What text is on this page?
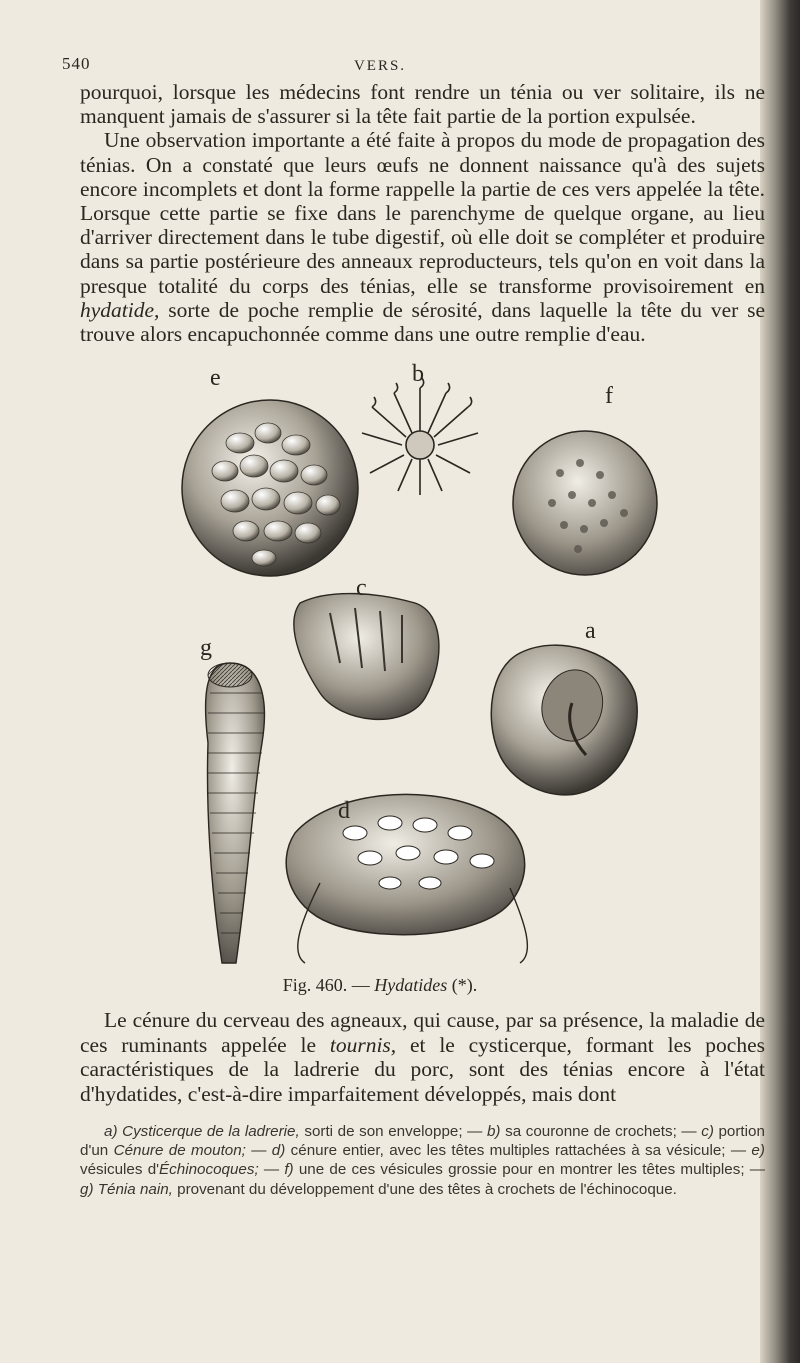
540	VERS.

pourquoi, lorsque les médecins font rendre un ténia ou ver solitaire, ils ne manquent jamais de s'assurer si la tête fait partie de la portion expulsée.

Une observation importante a été faite à propos du mode de propagation des ténias. On a constaté que leurs œufs ne donnent naissance qu'à des sujets encore incomplets et dont la forme rappelle la partie de ces vers appelée la tête. Lorsque cette partie se fixe dans le parenchyme de quelque organe, au lieu d'arriver directement dans le tube digestif, où elle doit se compléter et produire dans sa partie postérieure des anneaux reproducteurs, tels qu'on en voit dans la presque totalité du corps des ténias, elle se transforme provisoirement en hydatide, sorte de poche remplie de sérosité, dans laquelle la tête du ver se trouve alors encapuchonnée comme dans une outre remplie d'eau.

e	b
f
g
c
a
d
Fig. 460. — Hydatides (*).

Le cénure du cerveau des agneaux, qui cause, par sa présence, la maladie de ces ruminants appelée le tournis, et le cysticerque, formant les poches caractéristiques de la ladrerie du porc, sont des ténias encore à l'état d'hydatides, c'est-à-dire imparfaitement développés, mais dont

a) Cysticerque de la ladrerie, sorti de son enveloppe; — b) sa couronne de crochets; — c) portion d'un Cénure de mouton; — d) cénure entier, avec les têtes multiples rattachées à sa vésicule; — e) vésicules d'Échinocoques; — f) une de ces vésicules grossie pour en montrer les têtes multiples; — g) Ténia nain, provenant du développement d'une des têtes à crochets de l'échinocoque.
